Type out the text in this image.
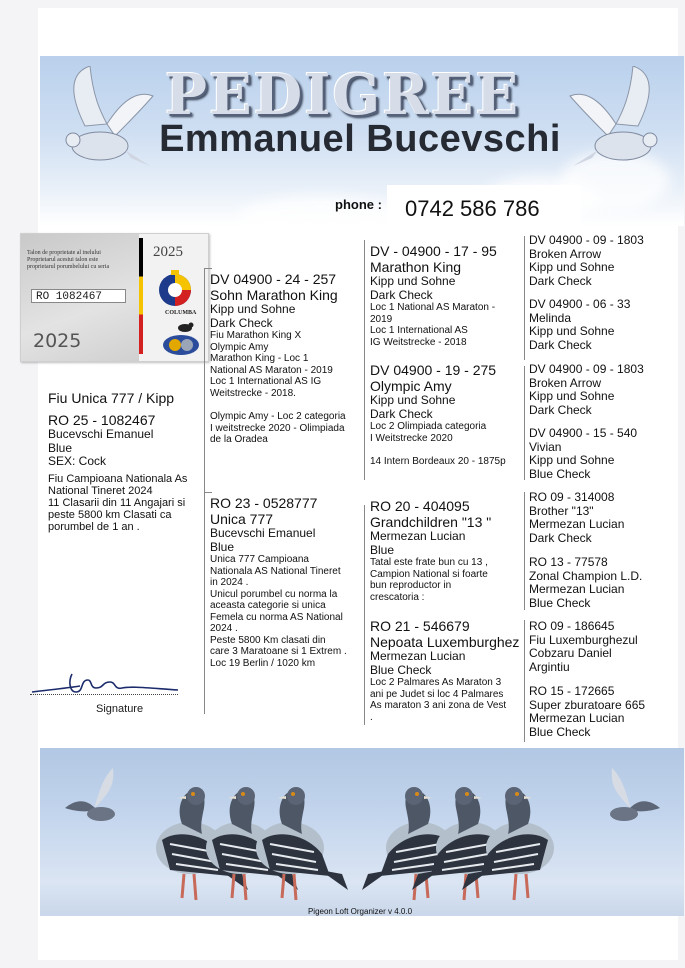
PEDIGREE
Emmanuel Bucevschi
phone :	0742 586 786
Talon de proprietate al inelului
Proprietarul acestui talon este
proprietarul porumbelului cu seria
RO 1082467
2025
2025
COLUMBA
Fiu Unica 777 / Kipp
RO 25 - 1082467
Bucevschi Emanuel
Blue
SEX: Cock
Fiu Campioana Nationala As
National Tineret 2024
11 Clasarii din 11 Angajari si
peste 5800 km Clasati ca
porumbel de 1 an .
DV 04900 - 24 - 257
Sohn Marathon King
Kipp und Sohne
Dark Check
Fiu Marathon King X
Olympic Amy
Marathon King - Loc 1
National AS Maraton - 2019
Loc 1 International AS IG
Weitstrecke - 2018.
Olympic Amy - Loc 2 categoria
I weitstrecke 2020 - Olimpiada
de la Oradea
RO 23 - 0528777
Unica 777
Bucevschi Emanuel
Blue
Unica 777 Campioana
Nationala AS National Tineret
in 2024 .
Unicul porumbel cu norma la
aceasta categorie si unica
Femela cu norma AS National
2024 .
Peste 5800 Km clasati din
care 3 Maratoane si 1 Extrem .
Loc 19 Berlin / 1020 km
DV - 04900 - 17 - 95
Marathon King
Kipp und Sohne
Dark Check
Loc 1 National AS Maraton -
2019
Loc 1 International AS
IG Weitstrecke - 2018
DV 04900 - 19 - 275
Olympic Amy
Kipp und Sohne
Dark Check
Loc 2 Olimpiada categoria
I Weitstrecke 2020
14 Intern Bordeaux 20 - 1875p
RO 20 - 404095
Grandchildren "13 "
Mermezan Lucian
Blue
Tatal este frate bun cu 13 ,
Campion National si foarte
bun reproductor in
crescatoria :
RO 21 - 546679
Nepoata Luxemburghez
Mermezan Lucian
Blue Check
Loc 2 Palmares As Maraton 3
ani pe Judet si loc 4 Palmares
As maraton 3 ani zona de Vest
.
DV 04900 - 09 - 1803
Broken Arrow
Kipp und Sohne
Dark Check
DV 04900 - 06 - 33
Melinda
Kipp und Sohne
Dark Check
DV 04900 - 09 - 1803
Broken Arrow
Kipp und Sohne
Dark Check
DV 04900 - 15 - 540
Vivian
Kipp und Sohne
Blue Check
RO 09 - 314008
Brother "13"
Mermezan Lucian
Dark Check
RO 13 - 77578
Zonal Champion L.D.
Mermezan Lucian
Blue Check
RO 09 - 186645
Fiu Luxemburghezul
Cobzaru Daniel
Argintiu
RO 15 - 172665
Super zburatoare 665
Mermezan Lucian
Blue Check
Signature
Pigeon Loft Organizer v 4.0.0
